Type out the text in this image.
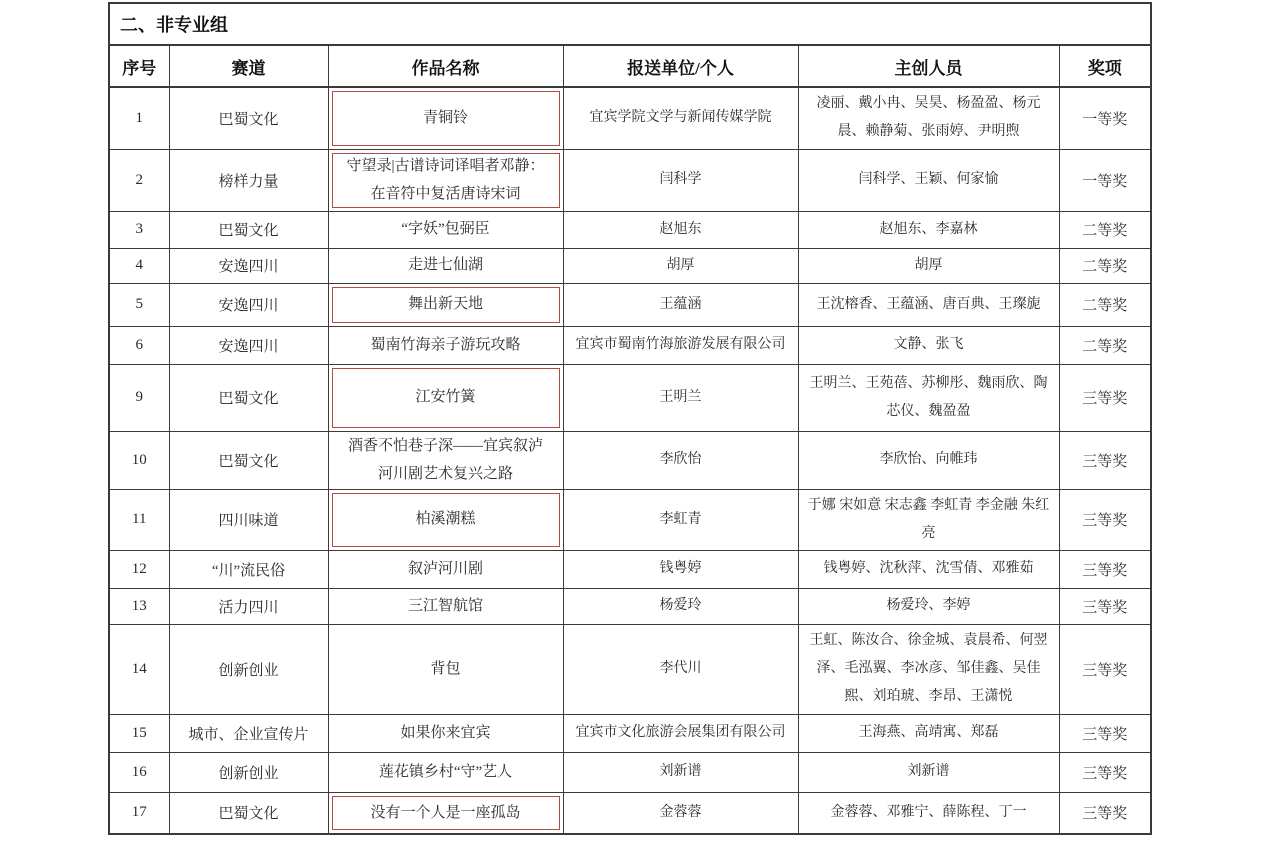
二、非专业组					
序号	赛道	作品名称	报送单位/个人	主创人员	奖项
1	巴蜀文化	青铜铃	宜宾学院文学与新闻传媒学院	凌丽、戴小冉、吴昊、杨盈盈、杨元晨、赖静菊、张雨婷、尹明煦	一等奖
2	榜样力量	守望录|古谱诗词译唱者邓静：在音符中复活唐诗宋词	闫科学	闫科学、王颖、何家愉	一等奖
3	巴蜀文化	“字妖”包弼臣	赵旭东	赵旭东、李嘉林	二等奖
4	安逸四川	走进七仙湖	胡厚	胡厚	二等奖
5	安逸四川	舞出新天地	王蕴涵	王沈榕香、王蕴涵、唐百典、王璨旎	二等奖
6	安逸四川	蜀南竹海亲子游玩攻略	宜宾市蜀南竹海旅游发展有限公司	文静、张飞	二等奖
9	巴蜀文化	江安竹簧	王明兰	王明兰、王苑蓓、苏柳彤、魏雨欣、陶芯仪、魏盈盈	三等奖
10	巴蜀文化	酒香不怕巷子深——宜宾叙泸河川剧艺术复兴之路	李欣怡	李欣怡、向帷玮	三等奖
11	四川味道	柏溪潮糕	李虹青	于娜 宋如意 宋志鑫 李虹青 李金融 朱红亮	三等奖
12	“川”流民俗	叙泸河川剧	钱粤婷	钱粤婷、沈秋萍、沈雪倩、邓雅茹	三等奖
13	活力四川	三江智航馆	杨爱玲	杨爱玲、李婷	三等奖
14	创新创业	背包	李代川	王虹、陈汝合、徐金城、袁晨希、何翌泽、毛泓翼、李冰彦、邹佳鑫、吴佳熙、刘珀琥、李昂、王潇悦	三等奖
15	城市、企业宣传片	如果你来宜宾	宜宾市文化旅游会展集团有限公司	王海燕、高靖寓、郑磊	三等奖
16	创新创业	莲花镇乡村“守”艺人	刘新谱	刘新谱	三等奖
17	巴蜀文化	没有一个人是一座孤岛	金蓉蓉	金蓉蓉、邓雅宁、薛陈程、丁一	三等奖
